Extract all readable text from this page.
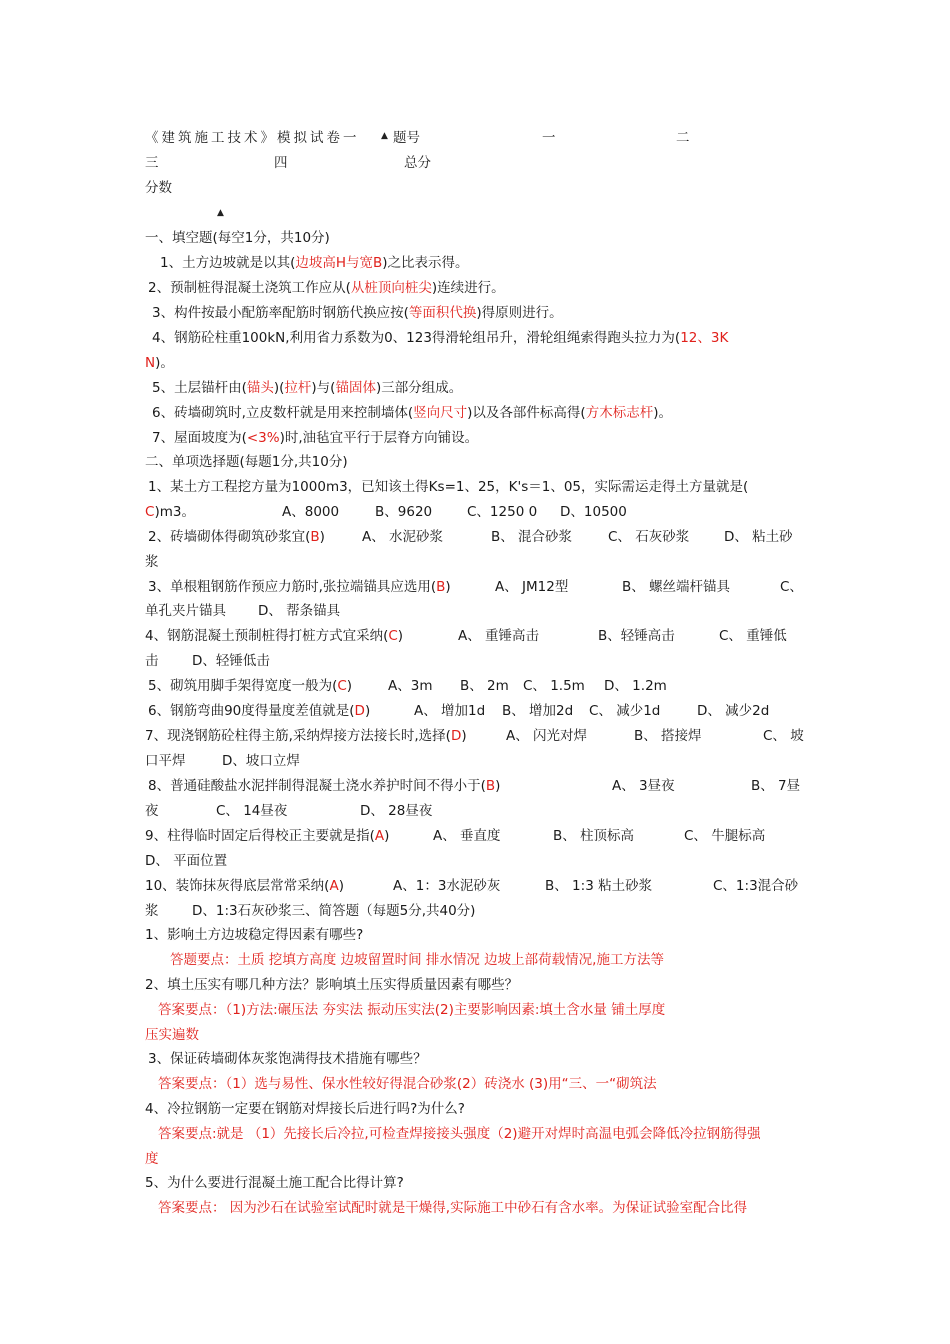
《建筑施工技术》模拟试卷一 ▲ 题号	一	二
三	四	总分
分数
▲
一、填空题(每空1分，共10分)
1、土方边坡就是以其(边坡高H与宽B)之比表示得。
2、预制桩得混凝土浇筑工作应从(从桩顶向桩尖)连续进行。
3、构件按最小配筋率配筋时钢筋代换应按(等面积代换)得原则进行。
4、钢筋砼柱重100kN,利用省力系数为0、123得滑轮组吊升，滑轮组绳索得跑头拉力为(12、3K
N)。
5、土层锚杆由(锚头)(拉杆)与(锚固体)三部分组成。
6、砖墙砌筑时,立皮数杆就是用来控制墙体(竖向尺寸)以及各部件标高得(方木标志杆)。
7、屋面坡度为(<3%)时,油毡宜平行于层脊方向铺设。
二、单项选择题(每题1分,共10分)
1、某土方工程挖方量为1000m3，已知该土得Ks=1、25，K's＝1、05，实际需运走得土方量就是(
C)m3。	A、8000	B、9620	C、1250 0 D、10500
2、砖墙砌体得砌筑砂浆宜(B)	A、 水泥砂浆	B、 混合砂浆	C、 石灰砂浆	D、 粘土砂
浆
3、单根粗钢筋作预应力筋时,张拉端锚具应选用(B)	A、 JM12型	B、 螺丝端杆锚具	C、
单孔夹片锚具 D、 帮条锚具
4、钢筋混凝土预制桩得打桩方式宜采纳(C)	A、 重锤高击	B、轻锤高击	C、 重锤低
击 D、轻锤低击
5、砌筑用脚手架得宽度一般为(C)	A、3m B、 2m C、 1.5m D、 1.2m
6、钢筋弯曲90度得量度差值就是(D)	A、 增加1d B、 增加2d C、 减少1d	D、 减少2d
7、现浇钢筋砼柱得主筋,采纳焊接方法接长时,选择(D)	A、 闪光对焊	B、 搭接焊	C、 坡
口平焊	D、坡口立焊
8、普通硅酸盐水泥拌制得混凝土浇水养护时间不得小于(B)	A、 3昼夜	B、 7昼
夜	C、 14昼夜	D、 28昼夜
9、柱得临时固定后得校正主要就是指(A)	A、 垂直度	B、 柱顶标高	C、 牛腿标高
D、 平面位置
10、装饰抹灰得底层常常采纳(A)	A、1：3水泥砂灰	B、 1:3 粘土砂浆	C、1:3混合砂
浆 D、1:3石灰砂浆三、简答题（每题5分,共40分)
1、影响土方边坡稳定得因素有哪些?
答题要点：土质 挖填方高度 边坡留置时间 排水情况 边坡上部荷载情况,施工方法等
2、填土压实有哪几种方法？影响填土压实得质量因素有哪些？
答案要点：（1)方法:碾压法 夯实法 振动压实法(2)主要影响因素:填土含水量 铺土厚度
压实遍数
3、保证砖墙砌体灰浆饱满得技术措施有哪些？
答案要点：（1）选与易性、保水性较好得混合砂浆(2）砖浇水 (3)用“三、一“砌筑法
4、冷拉钢筋一定要在钢筋对焊接长后进行吗?为什么?
答案要点:就是 （1）先接长后冷拉,可检查焊接接头强度（2)避开对焊时高温电弧会降低冷拉钢筋得强
度
5、为什么要进行混凝土施工配合比得计算?
答案要点： 因为沙石在试验室试配时就是干燥得,实际施工中砂石有含水率。为保证试验室配合比得
